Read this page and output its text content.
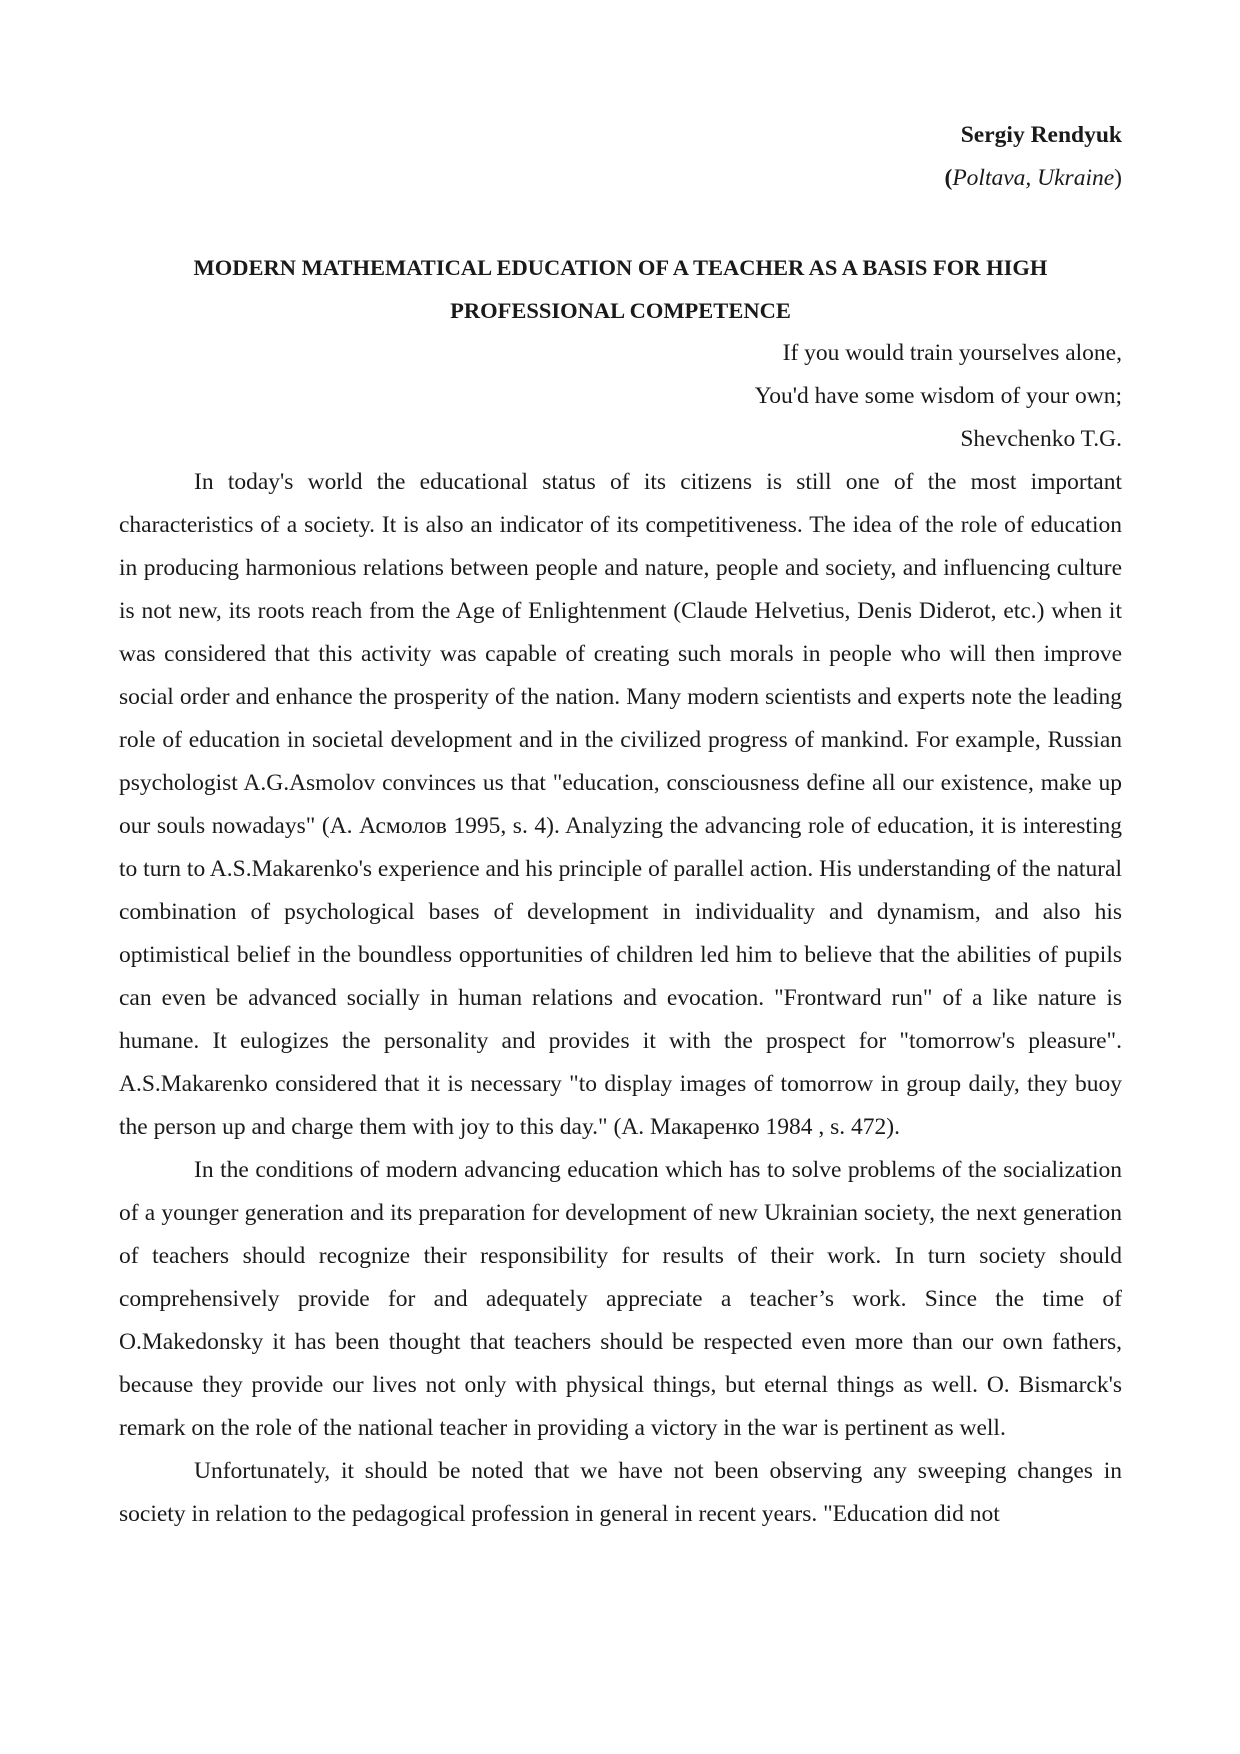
Sergiy Rendyuk

(Poltava, Ukraine)

MODERN MATHEMATICAL EDUCATION OF A TEACHER AS A BASIS FOR HIGH
PROFESSIONAL COMPETENCE
If you would train yourselves alone,
You'd have some wisdom of your own;
Shevchenko T.G.

In today's world the educational status of its citizens is still one of the most important characteristics of a society. It is also an indicator of its competitiveness. The idea of the role of education in producing harmonious relations between people and nature, people and society, and influencing culture is not new, its roots reach from the Age of Enlightenment (Claude Helvetius, Denis Diderot, etc.) when it was considered that this activity was capable of creating such morals in people who will then improve social order and enhance the prosperity of the nation. Many modern scientists and experts note the leading role of education in societal development and in the civilized progress of mankind. For example, Russian psychologist A.G.Asmolov convinces us that "education, consciousness define all our existence, make up our souls nowadays" (А. Асмолов 1995, s. 4). Analyzing the advancing role of education, it is interesting to turn to A.S.Makarenko's experience and his principle of parallel action. His understanding of the natural combination of psychological bases of development in individuality and dynamism, and also his optimistical belief in the boundless opportunities of children led him to believe that the abilities of pupils can even be advanced socially in human relations and evocation. "Frontward run" of a like nature is humane. It eulogizes the personality and provides it with the prospect for "tomorrow's pleasure". A.S.Makarenko considered that it is necessary "to display images of tomorrow in group daily, they buoy the person up and charge them with joy to this day." (А. Макаренко 1984 , s. 472).

In the conditions of modern advancing education which has to solve problems of the socialization of a younger generation and its preparation for development of new Ukrainian society, the next generation of teachers should recognize their responsibility for results of their work. In turn society should comprehensively provide for and adequately appreciate a teacher’s work. Since the time of O.Makedonsky it has been thought that teachers should be respected even more than our own fathers, because they provide our lives not only with physical things, but eternal things as well. O. Bismarck's remark on the role of the national teacher in providing a victory in the war is pertinent as well.

Unfortunately, it should be noted that we have not been observing any sweeping changes in society in relation to the pedagogical profession in general in recent years. "Education did not
